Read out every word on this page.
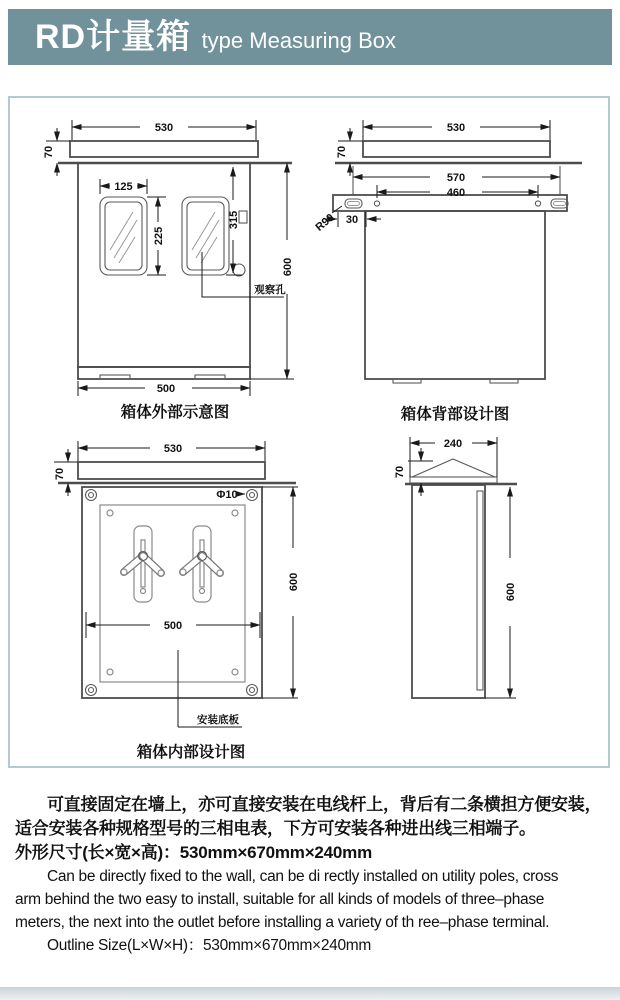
RD计量箱 type Measuring Box
观察孔
530
70
125
225
315
600
500
530
70
570
460
30
R90
Φ10
530
70
500
600
安装底板
240
70
600
箱体外部示意图	箱体背部设计图
箱体内部设计图
可直接固定在墙上，亦可直接安装在电线杆上，背后有二条横担方便安装，
适合安装各种规格型号的三相电表，下方可安装各种进出线三相端子。
外形尺寸(长×宽×高)：530mm×670mm×240mm
Can be directly fixed to the wall, can be di rectly installed on utility poles, cross
arm behind the two easy to install, suitable for all kinds of models of three–phase
meters, the next into the outlet before installing a variety of th ree–phase terminal.
Outline Size(L×W×H)：530mm×670mm×240mm
